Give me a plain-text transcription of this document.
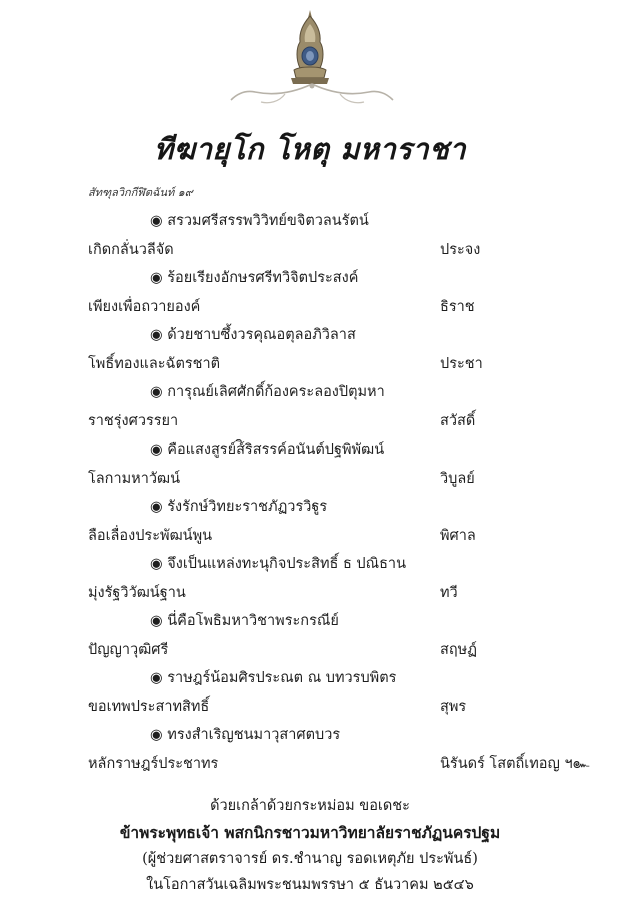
ทีฆายุโก โหตุ มหาราชา
สัทฑุลวิกกีฬิตฉันท์ ๑๙
◉ สรวมศรีสรรพวิวิทย์ขจิตวลนรัตน์
เกิดกลั่นวลีจัด	ประจง
◉ ร้อยเรียงอักษรศรีทวิจิตประสงค์
เพียงเพื่อถวายองค์	ธิราช
◉ ด้วยชาบซึ้งวรคุณอตุลอภิวิลาส
โพธิ์ทองและฉัตรชาติ	ประชา
◉ การุณย์เลิศศักดิ์ก้องคระลองปิตุมหา
ราชรุ่งศวรรยา	สวัสดิ์
◉ คือแสงสูรย์ส์ิริสรรค์อนันต์ปฐพิพัฒน์
โลกามหาวัฒน์	วิบูลย์
◉ รังรักษ์วิทยะราชภัฏวรวิฐูร
ลือเลื่องประพัฒน์พูน	พิศาล
◉ จึงเป็นแหล่งทะนุกิจประสิทธิ์ ธ ปณิธาน
มุ่งรัฐวิวัฒน์ฐาน	ทวี
◉ นี่คือโพธิมหาวิชาพระกรณีย์
ปัญญาวุฒิศรี	สฤษฏ์
◉ ราษฎร์น้อมศิรประณต ณ บทวรบพิตร
ขอเทพประสาทสิทธิ์	สุพร
◉ ทรงสำเริญชนมาวุสาศตบวร
หลักราษฎร์ประชาทร	นิรันดร์ โสตถิ์เทอญ ฯ๛
ด้วยเกล้าด้วยกระหม่อม ขอเดชะ
ข้าพระพุทธเจ้า พสกนิกรชาวมหาวิทยาลัยราชภัฏนครปฐม
(ผู้ช่วยศาสตราจารย์ ดร.ชำนาญ รอดเหตุภัย ประพันธ์)
ในโอกาสวันเฉลิมพระชนมพรรษา ๕ ธันวาคม ๒๕๔๖
